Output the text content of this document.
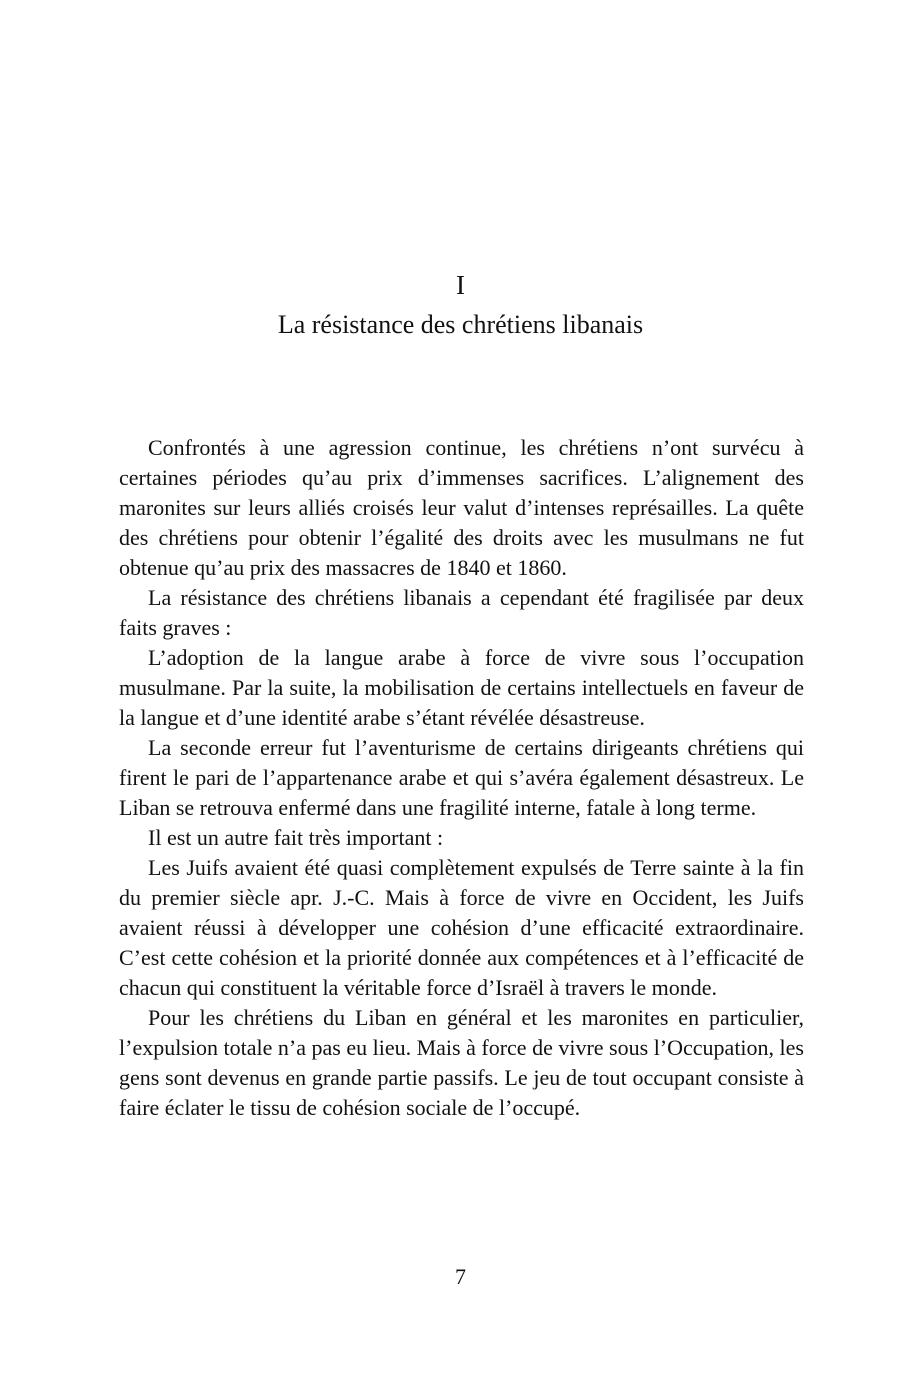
I
La résistance des chrétiens libanais

Confrontés à une agression continue, les chrétiens n’ont survécu à certaines périodes qu’au prix d’immenses sacrifices. L’alignement des maronites sur leurs alliés croisés leur valut d’intenses représailles. La quête des chrétiens pour obtenir l’égalité des droits avec les musulmans ne fut obtenue qu’au prix des massacres de 1840 et 1860.

La résistance des chrétiens libanais a cependant été fragilisée par deux faits graves :

L’adoption de la langue arabe à force de vivre sous l’occupation musulmane. Par la suite, la mobilisation de certains intellectuels en faveur de la langue et d’une identité arabe s’étant révélée désastreuse.

La seconde erreur fut l’aventurisme de certains dirigeants chrétiens qui firent le pari de l’appartenance arabe et qui s’avéra également désastreux. Le Liban se retrouva enfermé dans une fragilité interne, fatale à long terme.

Il est un autre fait très important :

Les Juifs avaient été quasi complètement expulsés de Terre sainte à la fin du premier siècle apr. J.-C. Mais à force de vivre en Occident, les Juifs avaient réussi à développer une cohésion d’une efficacité extraordinaire. C’est cette cohésion et la priorité donnée aux compétences et à l’efficacité de chacun qui constituent la véritable force d’Israël à travers le monde.

Pour les chrétiens du Liban en général et les maronites en particulier, l’expulsion totale n’a pas eu lieu. Mais à force de vivre sous l’Occupation, les gens sont devenus en grande partie passifs. Le jeu de tout occupant consiste à faire éclater le tissu de cohésion sociale de l’occupé.

7
